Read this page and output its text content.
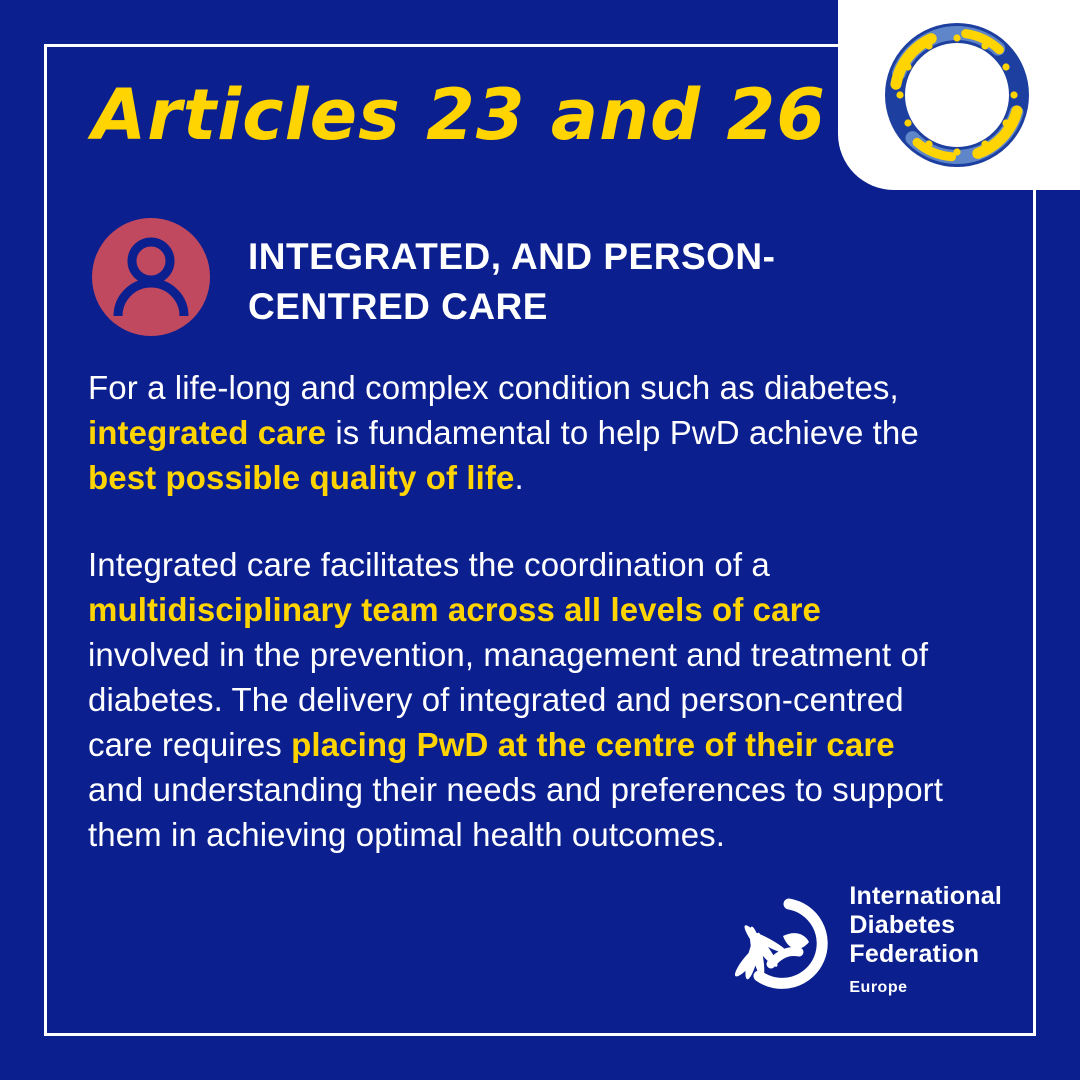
Articles 23 and 26
INTEGRATED, AND PERSON-CENTRED CARE

For a life-long and complex condition such as diabetes, integrated care is fundamental to help PwD achieve the best possible quality of life.

Integrated care facilitates the coordination of a multidisciplinary team across all levels of care involved in the prevention, management and treatment of diabetes. The delivery of integrated and person-centred care requires placing PwD at the centre of their care and understanding their needs and preferences to support them in achieving optimal health outcomes.

International
Diabetes
Federation
Europe
